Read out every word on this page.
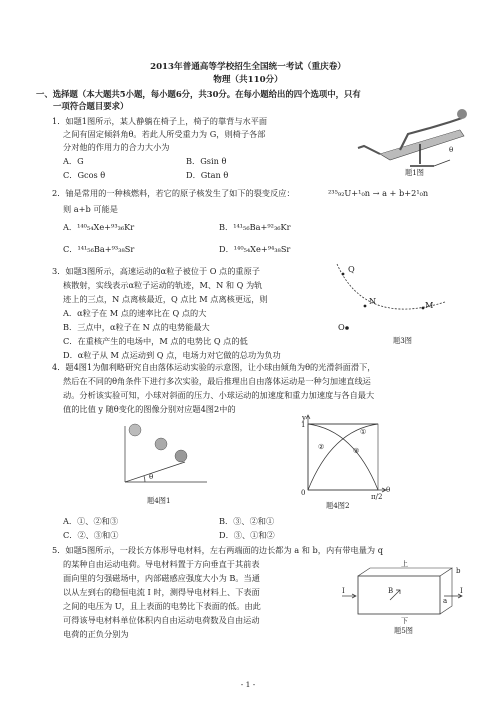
2013年普通高等学校招生全国统一考试（重庆卷）
物理（共110分）
一、选择题（本大题共5小题，每小题6分，共30分。在每小题给出的四个选项中，只有
一项符合题目要求）
1．如题1图所示，某人静躺在椅子上，椅子的靠背与水平面
之间有固定倾斜角θ。若此人所受重力为 G，则椅子各部
分对他的作用力的合力大小为
A．G	B．Gsin θ
C．Gcos θ	D．Gtan θ
θ
题1图
2．铀是常用的一种核燃料，若它的原子核发生了如下的裂变反应：	²³⁵₉₂U+¹₀n → a + b+2¹₀n
则 a+b 可能是
A．¹⁴⁰₅₄Xe+⁹³₃₆Kr	B．¹⁴¹₅₆Ba+⁹²₃₆Kr
C．¹⁴¹₅₆Ba+⁹³₃₈Sr	D．¹⁴⁰₅₄Xe+⁹⁴₃₈Sr
3．如题3图所示，高速运动的α粒子被位于 O 点的重原子
核散射，实线表示α粒子运动的轨迹，M、N 和 Q 为轨
迹上的三点，N 点离核最近，Q 点比 M 点离核更远，则
A．α粒子在 M 点的速率比在 Q 点的大
B．三点中，α粒子在 N 点的电势能最大
C．在重核产生的电场中，M 点的电势比 Q 点的低
D．α粒子从 M 点运动到 Q 点，电场力对它做的总功为负功
Q
N	M
O
题3图
4．题4图1为伽利略研究自由落体运动实验的示意图，让小球由倾角为θ的光滑斜面滑下，
然后在不同的θ角条件下进行多次实验，最后推理出自由落体运动是一种匀加速直线运
动。分析该实验可知，小球对斜面的压力、小球运动的加速度和重力加速度与各自最大
值的比值 y 随θ变化的图像分别对应题4图2中的
θ
题4图1
y
1
0	π/2
θ
①
②	③
题4图2
A．①、②和③	B．③、②和①
C．②、③和①	D．③、①和②
5．如题5图所示，一段长方体形导电材料，左右两端面的边长都为 a 和 b，内有带电量为 q
的某种自由运动电荷。导电材料置于方向垂直于其前表
面向里的匀强磁场中，内部磁感应强度大小为 B。当通
以从左到右的稳恒电流 I 时，测得导电材料上、下表面
之间的电压为 U，且上表面的电势比下表面的低。由此
可得该导电材料单位体积内自由运动电荷数及自由运动
电荷的正负分别为
上
下
I	I
B
a
b
题5图
- 1 -
